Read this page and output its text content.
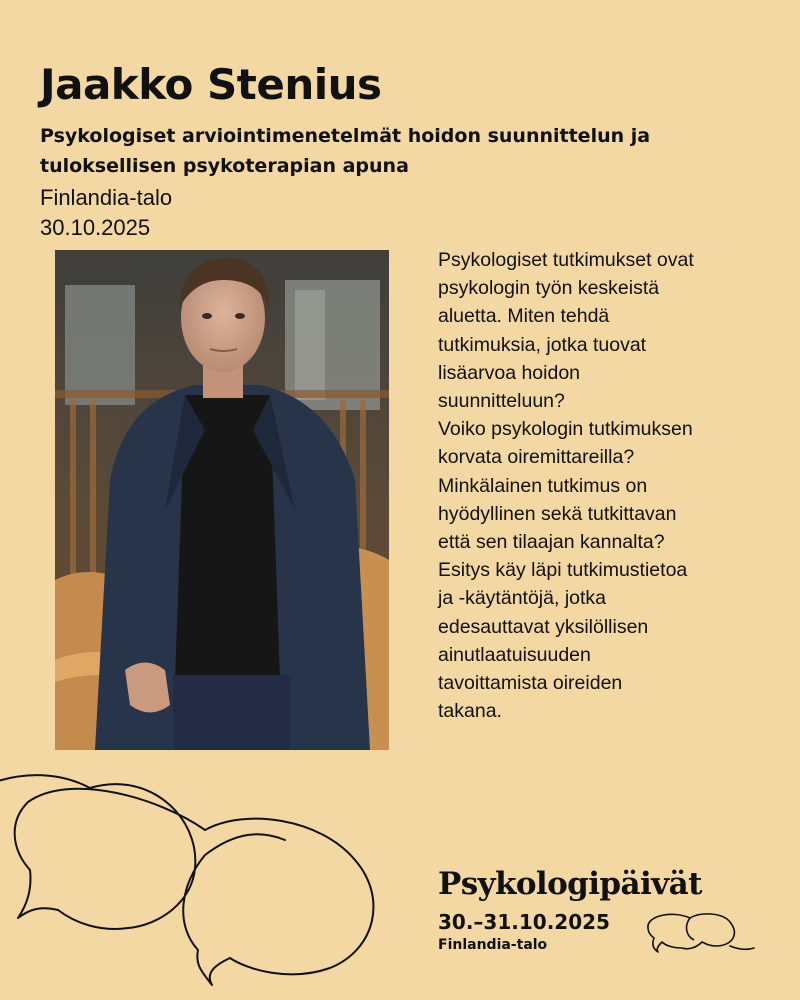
Jaakko Stenius
Psykologiset arviointimenetelmät hoidon suunnittelun ja tuloksellisen psykoterapian apuna
Finlandia-talo
30.10.2025

Psykologiset tutkimukset ovat
psykologin työn keskeistä
aluetta. Miten tehdä
tutkimuksia, jotka tuovat
lisäarvoa hoidon
suunnitteluun?
Voiko psykologin tutkimuksen
korvata oiremittareilla?
Minkälainen tutkimus on
hyödyllinen sekä tutkittavan
että sen tilaajan kannalta?
Esitys käy läpi tutkimustietoa
ja -käytäntöjä, jotka
edesauttavat yksilöllisen
ainutlaatuisuuden
tavoittamista oireiden
takana.

Psykologipäivät
30.–31.10.2025
Finlandia-talo
